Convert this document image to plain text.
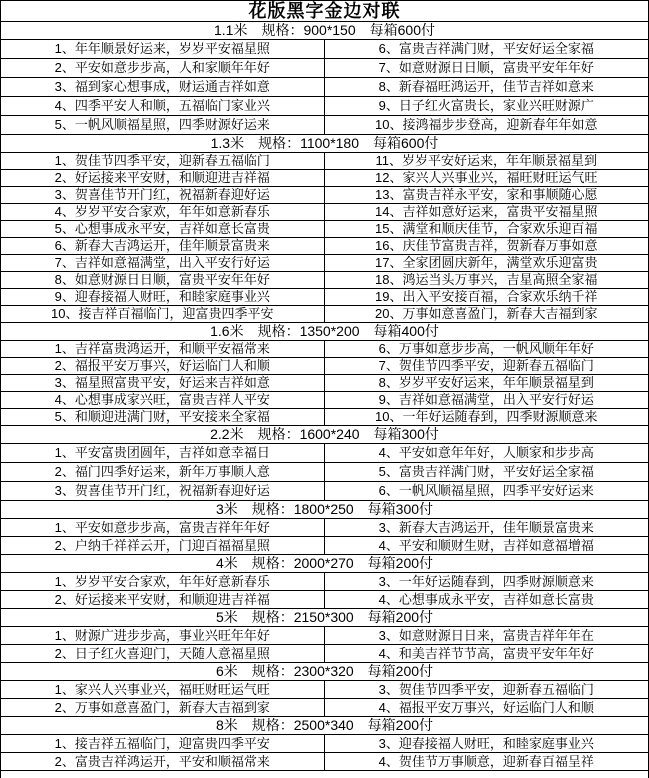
花版黑字金边对联
1.1米　规格：900*150　每箱600付
1、年年顺景好运来，岁岁平安福星照	6、富贵吉祥满门财，平安好运全家福
2、平安如意步步高，人和家顺年年好	7、如意财源日日顺，富贵平安年年好
3、福到家心想事成，财运通吉祥如意	8、新春福旺鸿运开，佳节吉祥如意来
4、四季平安人和顺，五福临门家业兴	9、日子红火富贵长，家业兴旺财源广
5、一帆风顺福星照，四季财源好运来	10、接鸿福步步登高，迎新春年年如意
1.3米　规格：1100*180　每箱600付
1、贺佳节四季平安，迎新春五福临门	11、岁岁平安好运来，年年顺景福星到
2、好运接来平安财，和顺迎进吉祥福	12、家兴人兴事业兴，福旺财旺运气旺
3、贺喜佳节开门红，祝福新春迎好运	13、富贵吉祥永平安，家和事顺随心愿
4、岁岁平安合家欢，年年如意新春乐	14、吉祥如意好运来，富贵平安福星照
5、心想事成永平安，吉祥如意长富贵	15、满堂和顺庆佳节，合家欢乐迎百福
6、新春大吉鸿运开，佳年顺景富贵来	16、庆佳节富贵吉祥，贺新春万事如意
7、吉祥如意福满堂，出入平安行好运	17、全家团圆庆新年，满堂欢乐迎富贵
8、如意财源日日顺，富贵平安年年好	18、鸿运当头万事兴，吉星高照全家福
9、迎春接福人财旺，和睦家庭事业兴	19、出入平安接百福，合家欢乐纳千祥
10、接吉祥百福临门，迎富贵四季平安	20、万事如意喜盈门，新春大吉福到家
1.6米　规格：1350*200　每箱400付
1、吉祥富贵鸿运开，和顺平安福常来	6、万事如意步步高，一帆风顺年年好
2、福报平安万事兴，好运临门人和顺	7、贺佳节四季平安，迎新春五福临门
3、福星照富贵平安，好运来吉祥如意	8、岁岁平安好运来，年年顺景福星到
4、心想事成家兴旺，富贵吉祥人平安	9、吉祥如意福满堂，出入平安行好运
5、和顺迎进满门财，平安接来全家福	10、一年好运随春到，四季财源顺意来
2.2米　规格：1600*240　每箱300付
1、平安富贵团圆年，吉祥如意幸福日	4、平安如意年年好，人顺家和步步高
2、福门四季好运来，新年万事顺人意	5、富贵吉祥满门财，平安好运全家福
3、贺喜佳节开门红，祝福新春迎好运	6、一帆风顺福星照，四季平安好运来
3米　规格：1800*250　每箱300付
1、平安如意步步高，富贵吉祥年年好	3、新春大吉鸿运开，佳年顺景富贵来
2、户纳千祥祥云开，门迎百福福星照	4、平安和顺财生财，吉祥如意福增福
4米　规格：2000*270　每箱200付
1、岁岁平安合家欢，年年好意新春乐	3、一年好运随春到，四季财源顺意来
2、好运接来平安财，和顺迎进吉祥福	4、心想事成永平安，吉祥如意长富贵
5米　规格：2150*300　每箱200付
1、财源广进步步高，事业兴旺年年好	3、如意财源日日来，富贵吉祥年年在
2、日子红火喜迎门，天随人意福星照	4、和美吉祥节节高，富贵平安年年好
6米　规格：2300*320　每箱200付
1、家兴人兴事业兴，福旺财旺运气旺	3、贺佳节四季平安，迎新春五福临门
2、万事如意喜盈门，新春大吉福到家	4、福报平安万事兴，好运临门人和顺
8米　规格：2500*340　每箱200付
1、接吉祥五福临门，迎富贵四季平安	3、迎春接福人财旺，和睦家庭事业兴
2、富贵吉祥鸿运开，平安和顺福常来	4、贺佳节万事顺意，迎新春百福呈祥
